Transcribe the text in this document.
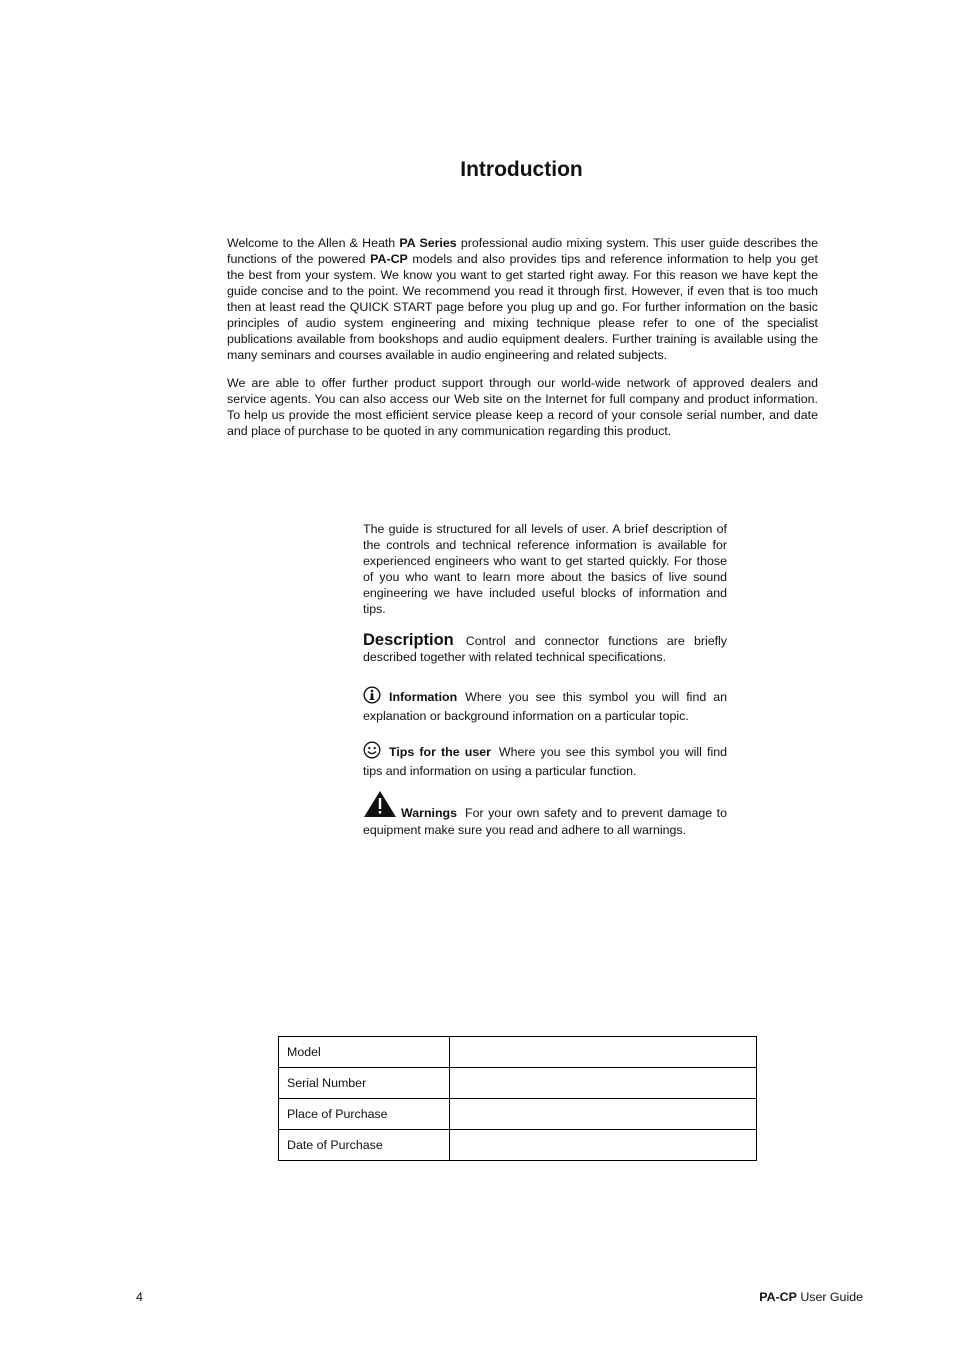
Introduction

Welcome to the Allen & Heath PA Series professional audio mixing system. This user guide describes the functions of the powered PA-CP models and also provides tips and reference information to help you get the best from your system. We know you want to get started right away. For this reason we have kept the guide concise and to the point. We recommend you read it through first. However, if even that is too much then at least read the QUICK START page before you plug up and go. For further information on the basic principles of audio system engineering and mixing technique please refer to one of the specialist publications available from bookshops and audio equipment dealers. Further training is available using the many seminars and courses available in audio engineering and related subjects.

We are able to offer further product support through our world-wide network of approved dealers and service agents. You can also access our Web site on the Internet for full company and product information. To help us provide the most efficient service please keep a record of your console serial number, and date and place of purchase to be quoted in any communication regarding this product.

The guide is structured for all levels of user. A brief description of the controls and technical reference information is available for experienced engineers who want to get started quickly. For those of you who want to learn more about the basics of live sound engineering we have included useful blocks of information and tips.

Description Control and connector functions are briefly described together with related technical specifications.

Information Where you see this symbol you will find an explanation or background information on a particular topic.

Tips for the user Where you see this symbol you will find tips and information on using a particular function.

Warnings For your own safety and to prevent damage to equipment make sure you read and adhere to all warnings.

Model	
Serial Number	
Place of Purchase	
Date of Purchase	
4	PA-CP User Guide
